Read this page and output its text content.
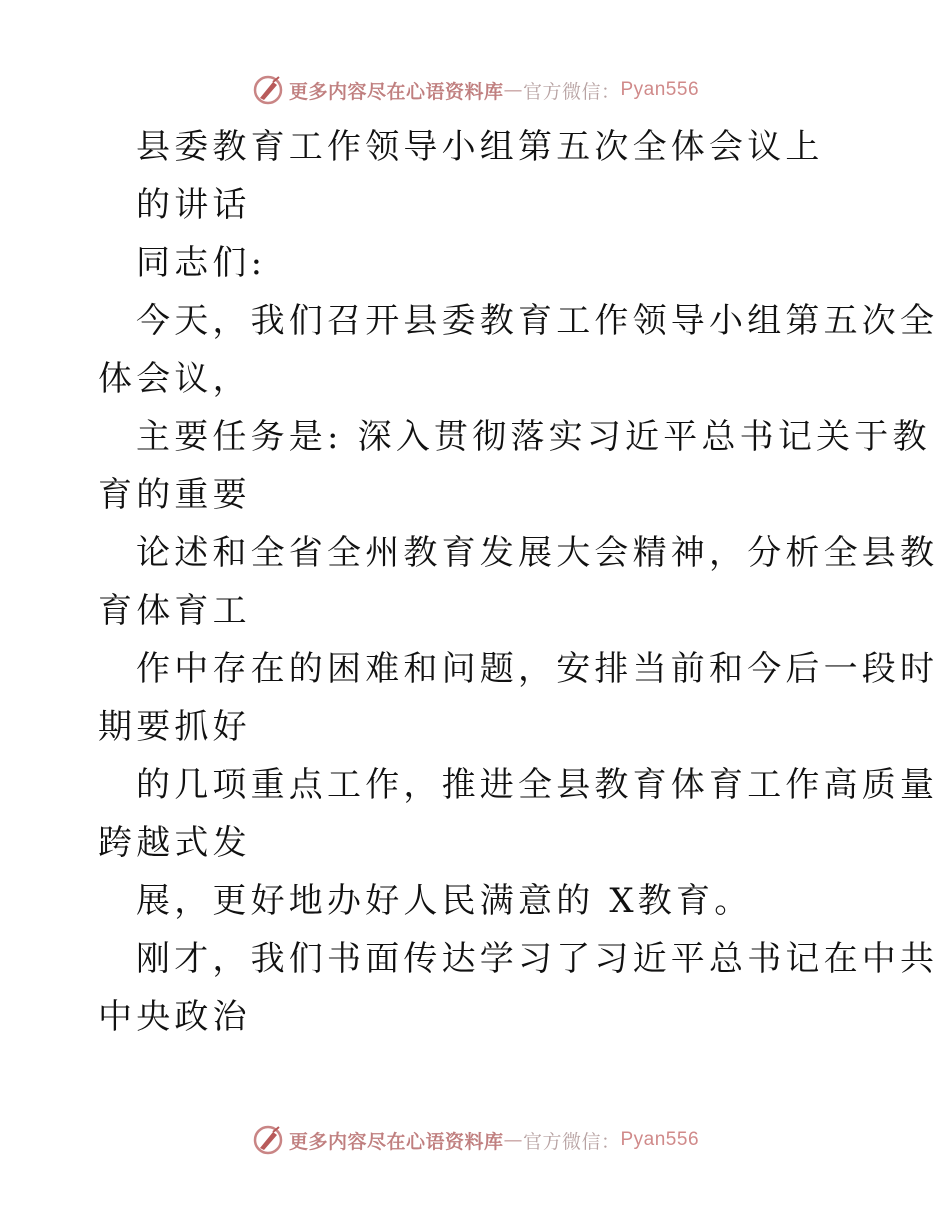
更多内容尽在心语资料库 — 官方微信： Pyan556
县委教育工作领导小组第五次全体会议上
的讲话
同志们:
今天，我们召开县委教育工作领导小组第五次全
体会议，
主要任务是: 深入贯彻落实习近平总书记关于教
育的重要
论述和全省全州教育发展大会精神，分析全县教
育体育工
作中存在的困难和问题，安排当前和今后一段时
期要抓好
的几项重点工作，推进全县教育体育工作高质量
跨越式发
展，更好地办好人民满意的 X教育。
刚才，我们书面传达学习了习近平总书记在中共
中央政治
更多内容尽在心语资料库 — 官方微信： Pyan556
